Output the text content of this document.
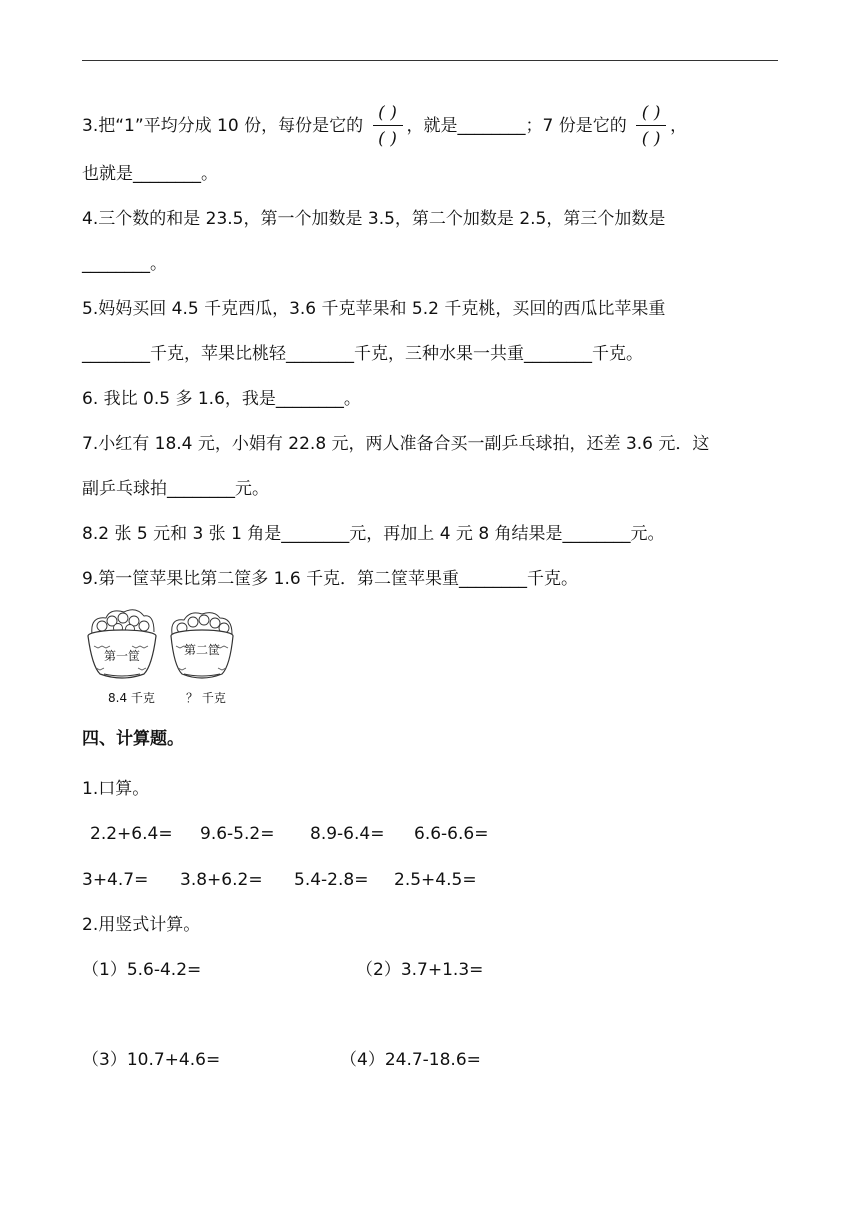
3.把“1”平均分成 10 份，每份是它的 $\frac{( )}{( )}$ ，就是________；7 份是它的 $\frac{( )}{( )}$ ，
也就是________。
4.三个数的和是 23.5，第一个加数是 3.5，第二个加数是 2.5，第三个加数是
________。
5.妈妈买回 4.5 千克西瓜，3.6 千克苹果和 5.2 千克桃，买回的西瓜比苹果重
________千克，苹果比桃轻________千克，三种水果一共重________千克。
6. 我比 0.5 多 1.6，我是________。
7.小红有 18.4 元，小娟有 22.8 元，两人准备合买一副乒乓球拍，还差 3.6 元．这
副乒乓球拍________元。
8.2 张 5 元和 3 张 1 角是________元，再加上 4 元 8 角结果是________元。
9.第一筐苹果比第二筐多 1.6 千克．第二筐苹果重________千克。
第一筐	第二筐
8.4 千克	？ 千克
四、计算题。
1.口算。
2.2+6.4= 9.6-5.2= 8.9-6.4= 6.6-6.6=
3+4.7= 3.8+6.2= 5.4-2.8= 2.5+4.5=
2.用竖式计算。
（1）5.6-4.2=	（2）3.7+1.3=
（3）10.7+4.6=	（4）24.7-18.6=
